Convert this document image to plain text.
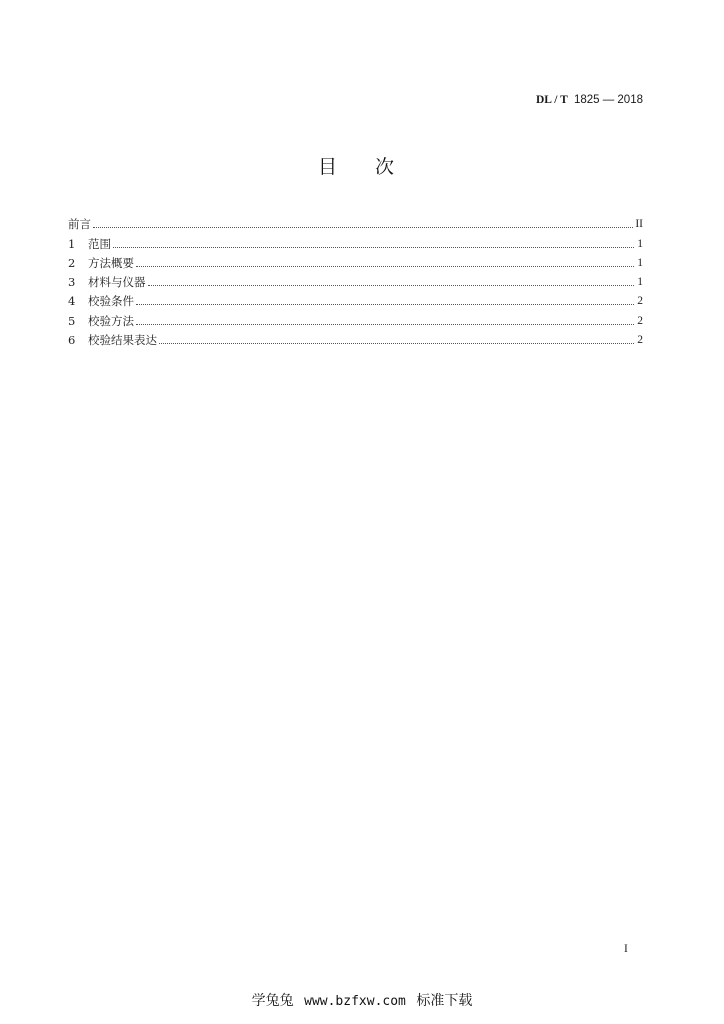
DL / T 1825 — 2018
目　　次
前言	II
1	范围	1
2	方法概要	1
3	材料与仪器	1
4	校验条件	2
5	校验方法	2
6	校验结果表达	2
I
学兔兔 www.bzfxw.com 标准下载
